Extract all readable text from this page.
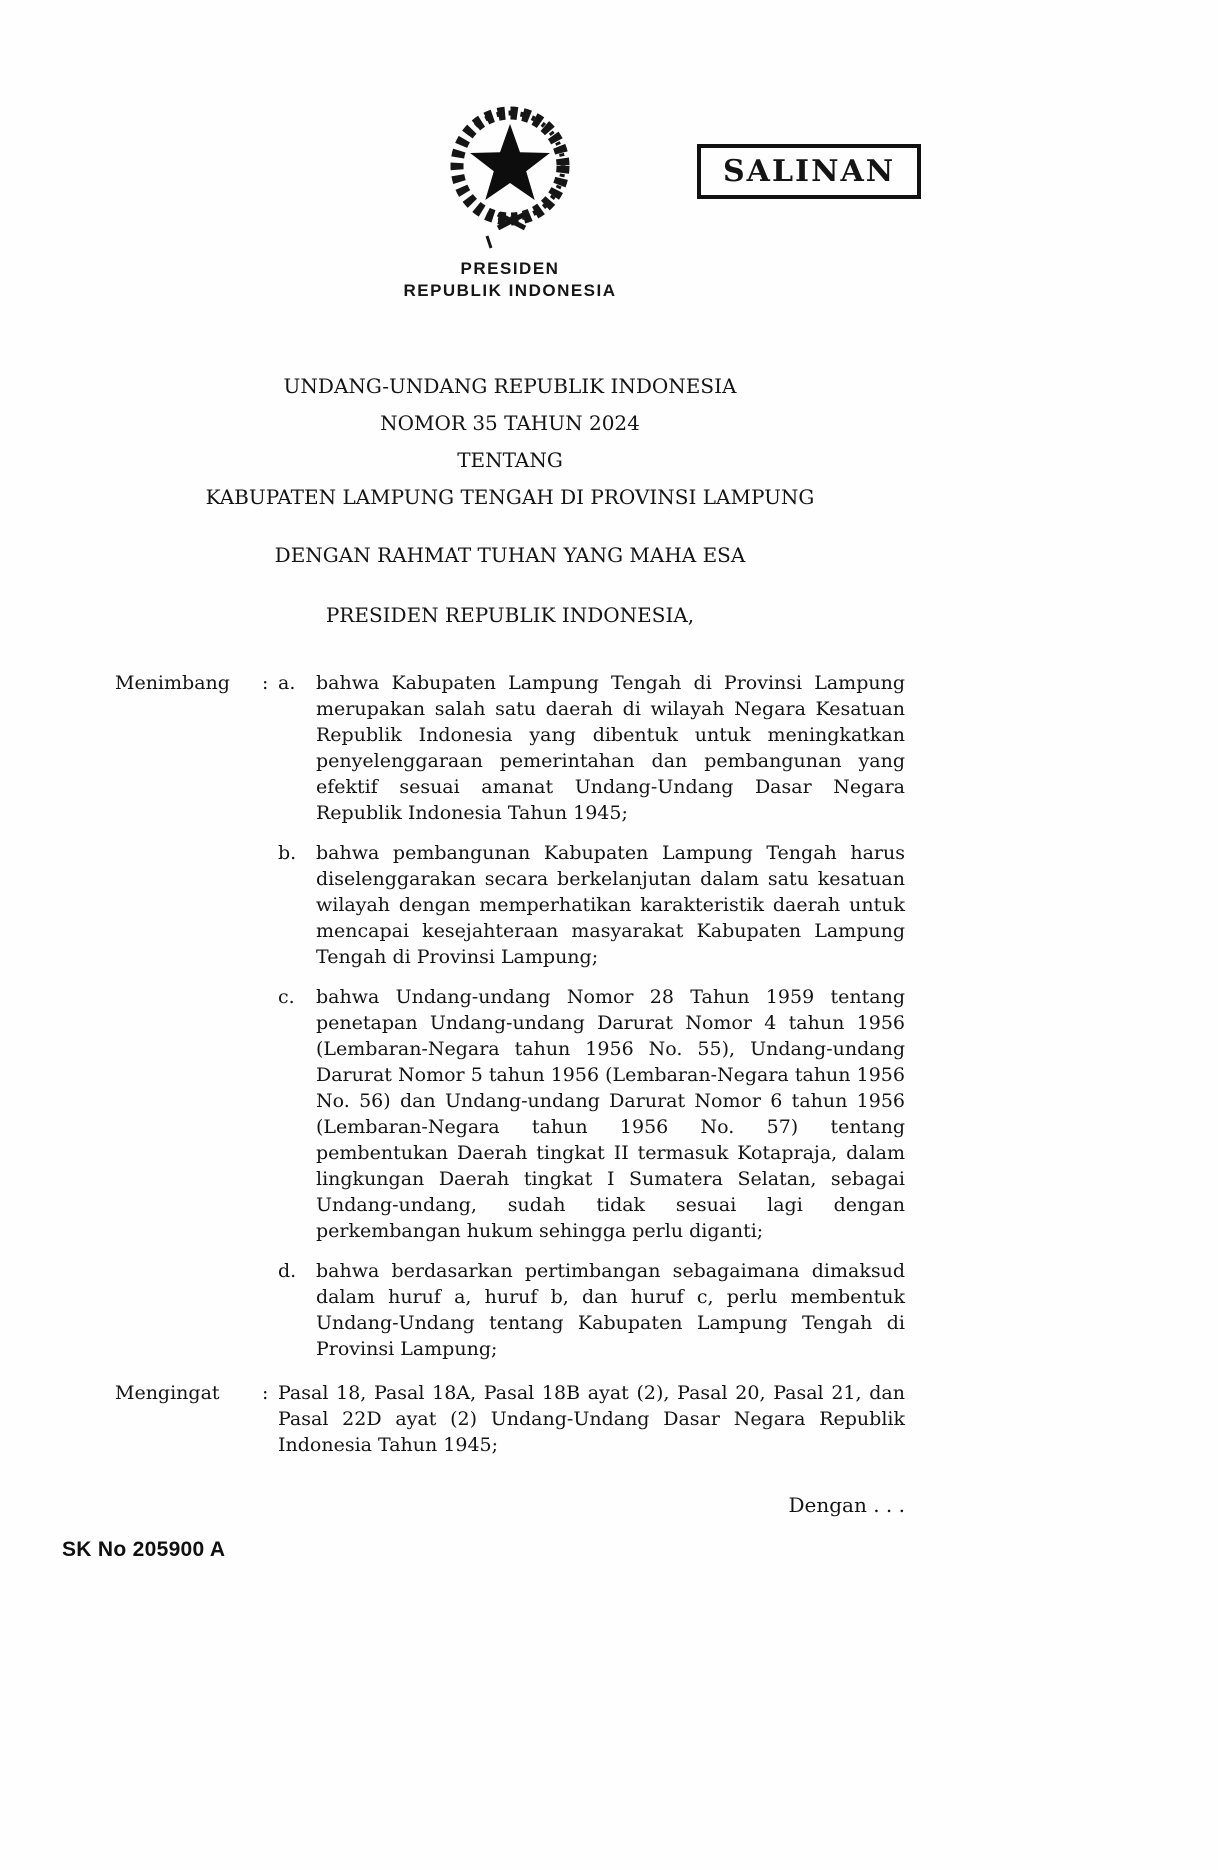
SALINAN
PRESIDEN
REPUBLIK INDONESIA
UNDANG-UNDANG REPUBLIK INDONESIA
NOMOR 35 TAHUN 2024
TENTANG
KABUPATEN LAMPUNG TENGAH DI PROVINSI LAMPUNG
DENGAN RAHMAT TUHAN YANG MAHA ESA
PRESIDEN REPUBLIK INDONESIA,
Menimbang	: a.	bahwa Kabupaten Lampung Tengah di Provinsi Lampung merupakan salah satu daerah di wilayah Negara Kesatuan Republik Indonesia yang dibentuk untuk meningkatkan penyelenggaraan pemerintahan dan pembangunan yang efektif sesuai amanat Undang-Undang Dasar Negara Republik Indonesia Tahun 1945;
b.	bahwa pembangunan Kabupaten Lampung Tengah harus diselenggarakan secara berkelanjutan dalam satu kesatuan wilayah dengan memperhatikan karakteristik daerah untuk mencapai kesejahteraan masyarakat Kabupaten Lampung Tengah di Provinsi Lampung;
c.	bahwa Undang-undang Nomor 28 Tahun 1959 tentang penetapan Undang-undang Darurat Nomor 4 tahun 1956 (Lembaran-Negara tahun 1956 No. 55), Undang-undang Darurat Nomor 5 tahun 1956 (Lembaran-Negara tahun 1956 No. 56) dan Undang-undang Darurat Nomor 6 tahun 1956 (Lembaran-Negara tahun 1956 No. 57) tentang pembentukan Daerah tingkat II termasuk Kotapraja, dalam lingkungan Daerah tingkat I Sumatera Selatan, sebagai Undang-undang, sudah tidak sesuai lagi dengan perkembangan hukum sehingga perlu diganti;
d.	bahwa berdasarkan pertimbangan sebagaimana dimaksud dalam huruf a, huruf b, dan huruf c, perlu membentuk Undang-Undang tentang Kabupaten Lampung Tengah di Provinsi Lampung;
Mengingat	: Pasal 18, Pasal 18A, Pasal 18B ayat (2), Pasal 20, Pasal 21, dan Pasal 22D ayat (2) Undang-Undang Dasar Negara Republik Indonesia Tahun 1945;
Dengan . . .
SK No 205900 A
